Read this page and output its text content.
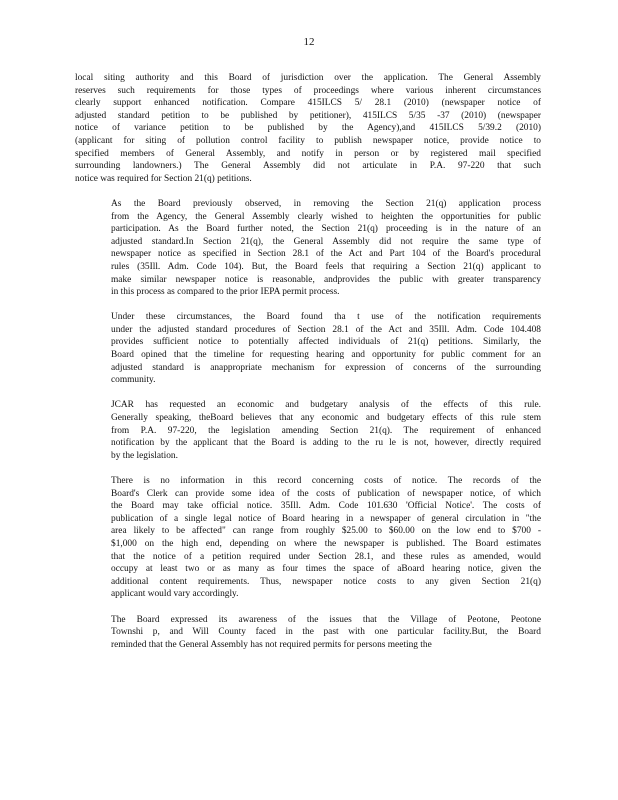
12

local siting authority and this Board of jurisdiction over the application. The General Assembly
reserves such requirements for those types of proceedings where various inherent circumstances
clearly support enhanced notification. Compare 415ILCS 5/ 28.1 (2010) (newspaper notice of
adjusted standard petition to be published by petitioner), 415ILCS 5/35 -37 (2010) (newspaper
notice of variance petition to be published by the Agency),and 415ILCS 5/39.2 (2010)
(applicant for siting of pollution control facility to publish newspaper notice, provide notice to
specified members of General Assembly, and notify in person or by registered mail specified
surrounding landowners.) The General Assembly did not articulate in P.A. 97-220 that such
notice was required for Section 21(q) petitions.

As the Board previously observed, in removing the Section 21(q) application process
from the Agency, the General Assembly clearly wished to heighten the opportunities for public
participation. As the Board further noted, the Section 21(q) proceeding is in the nature of an
adjusted standard.In Section 21(q), the General Assembly did not require the same type of
newspaper notice as specified in Section 28.1 of the Act and Part 104 of the Board's procedural
rules (35Ill. Adm. Code 104). But, the Board feels that requiring a Section 21(q) applicant to
make similar newspaper notice is reasonable, andprovides the public with greater transparency
in this process as compared to the prior IEPA permit process.

Under these circumstances, the Board found tha t use of the notification requirements
under the adjusted standard procedures of Section 28.1 of the Act and 35Ill. Adm. Code 104.408
provides sufficient notice to potentially affected individuals of 21(q) petitions. Similarly, the
Board opined that the timeline for requesting hearing and opportunity for public comment for an
adjusted standard is anappropriate mechanism for expression of concerns of the surrounding
community.

JCAR has requested an economic and budgetary analysis of the effects of this rule.
Generally speaking, theBoard believes that any economic and budgetary effects of this rule stem
from P.A. 97-220, the legislation amending Section 21(q). The requirement of enhanced
notification by the applicant that the Board is adding to the ru le is not, however, directly required
by the legislation.

There is no information in this record concerning costs of notice. The records of the
Board's Clerk can provide some idea of the costs of publication of newspaper notice, of which
the Board may take official notice. 35Ill. Adm. Code 101.630 'Official Notice'. The costs of
publication of a single legal notice of Board hearing in a newspaper of general circulation in "the
area likely to be affected" can range from roughly $25.00 to $60.00 on the low end to $700 -
$1,000 on the high end, depending on where the newspaper is published. The Board estimates
that the notice of a petition required under Section 28.1, and these rules as amended, would
occupy at least two or as many as four times the space of aBoard hearing notice, given the
additional content requirements. Thus, newspaper notice costs to any given Section 21(q)
applicant would vary accordingly.

The Board expressed its awareness of the issues that the Village of Peotone, Peotone
Townshi p, and Will County faced in the past with one particular facility.But, the Board
reminded that the General Assembly has not required permits for persons meeting the
